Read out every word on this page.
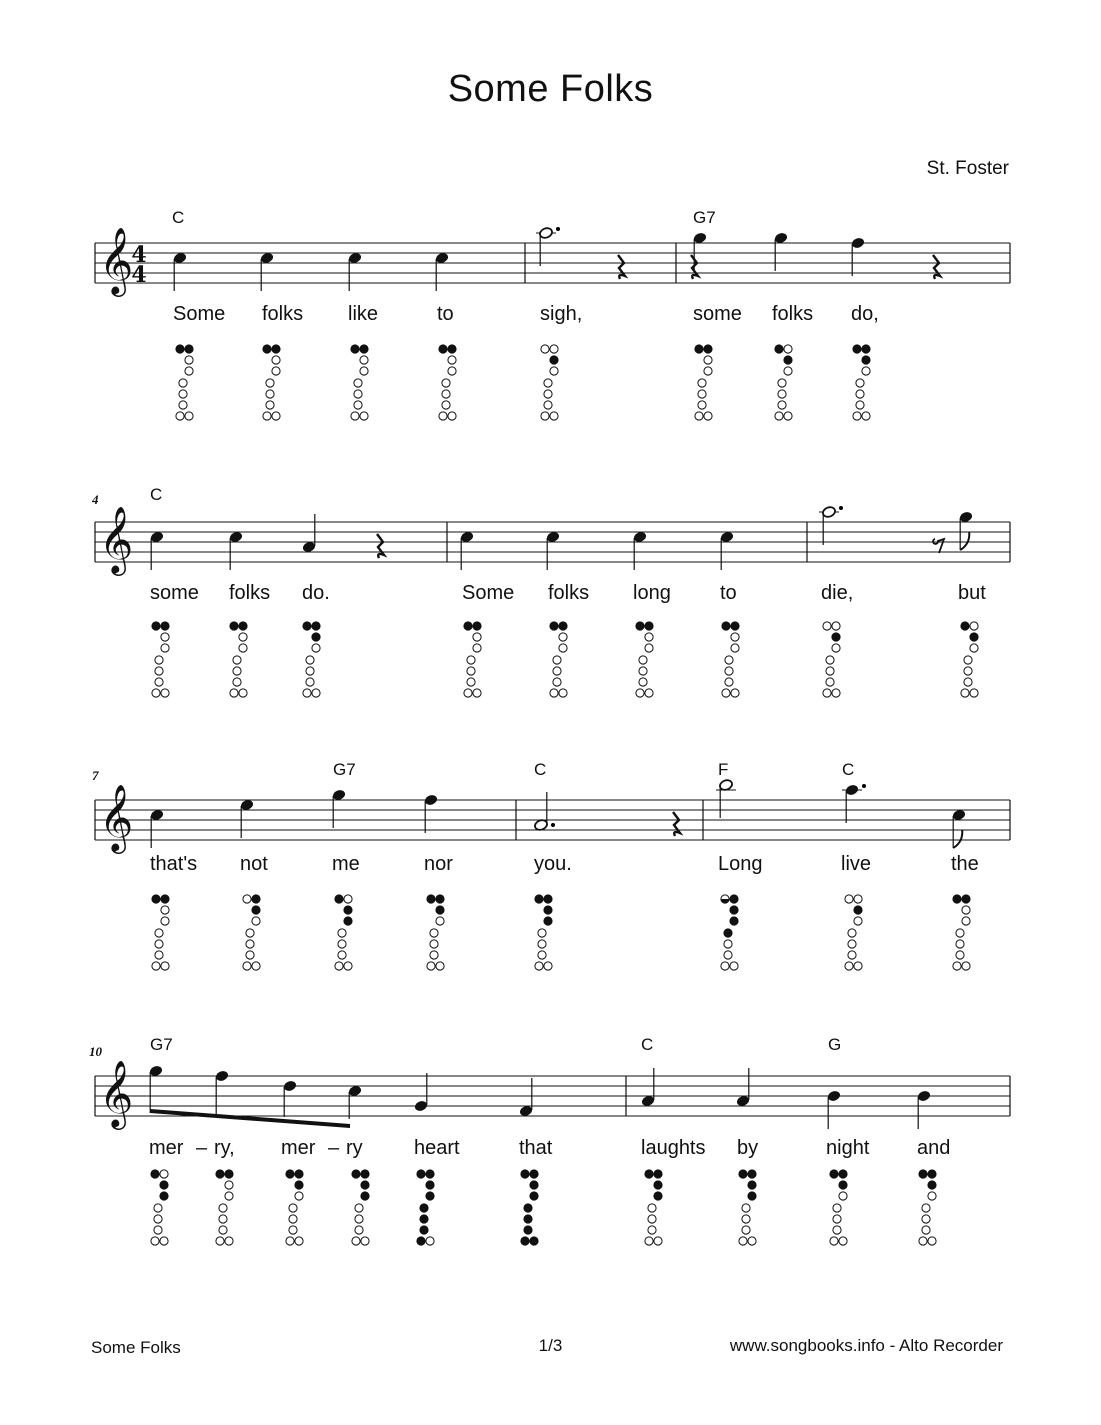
Some Folks
St. Foster
C	G7
Some folks like	to	sigh,	some folks do,
4	C
some folks do.	Some folks long to	die,	but
7	G7	C	F	C
that's not	me	nor	you.	Long	live	the
10	G7	C	G
mer – ry, mer – ry	heart	that	laughts by	night and
𝄞
4
4
𝄞
𝄞
𝄞
Some Folks	1/3	www.songbooks.info - Alto Recorder
